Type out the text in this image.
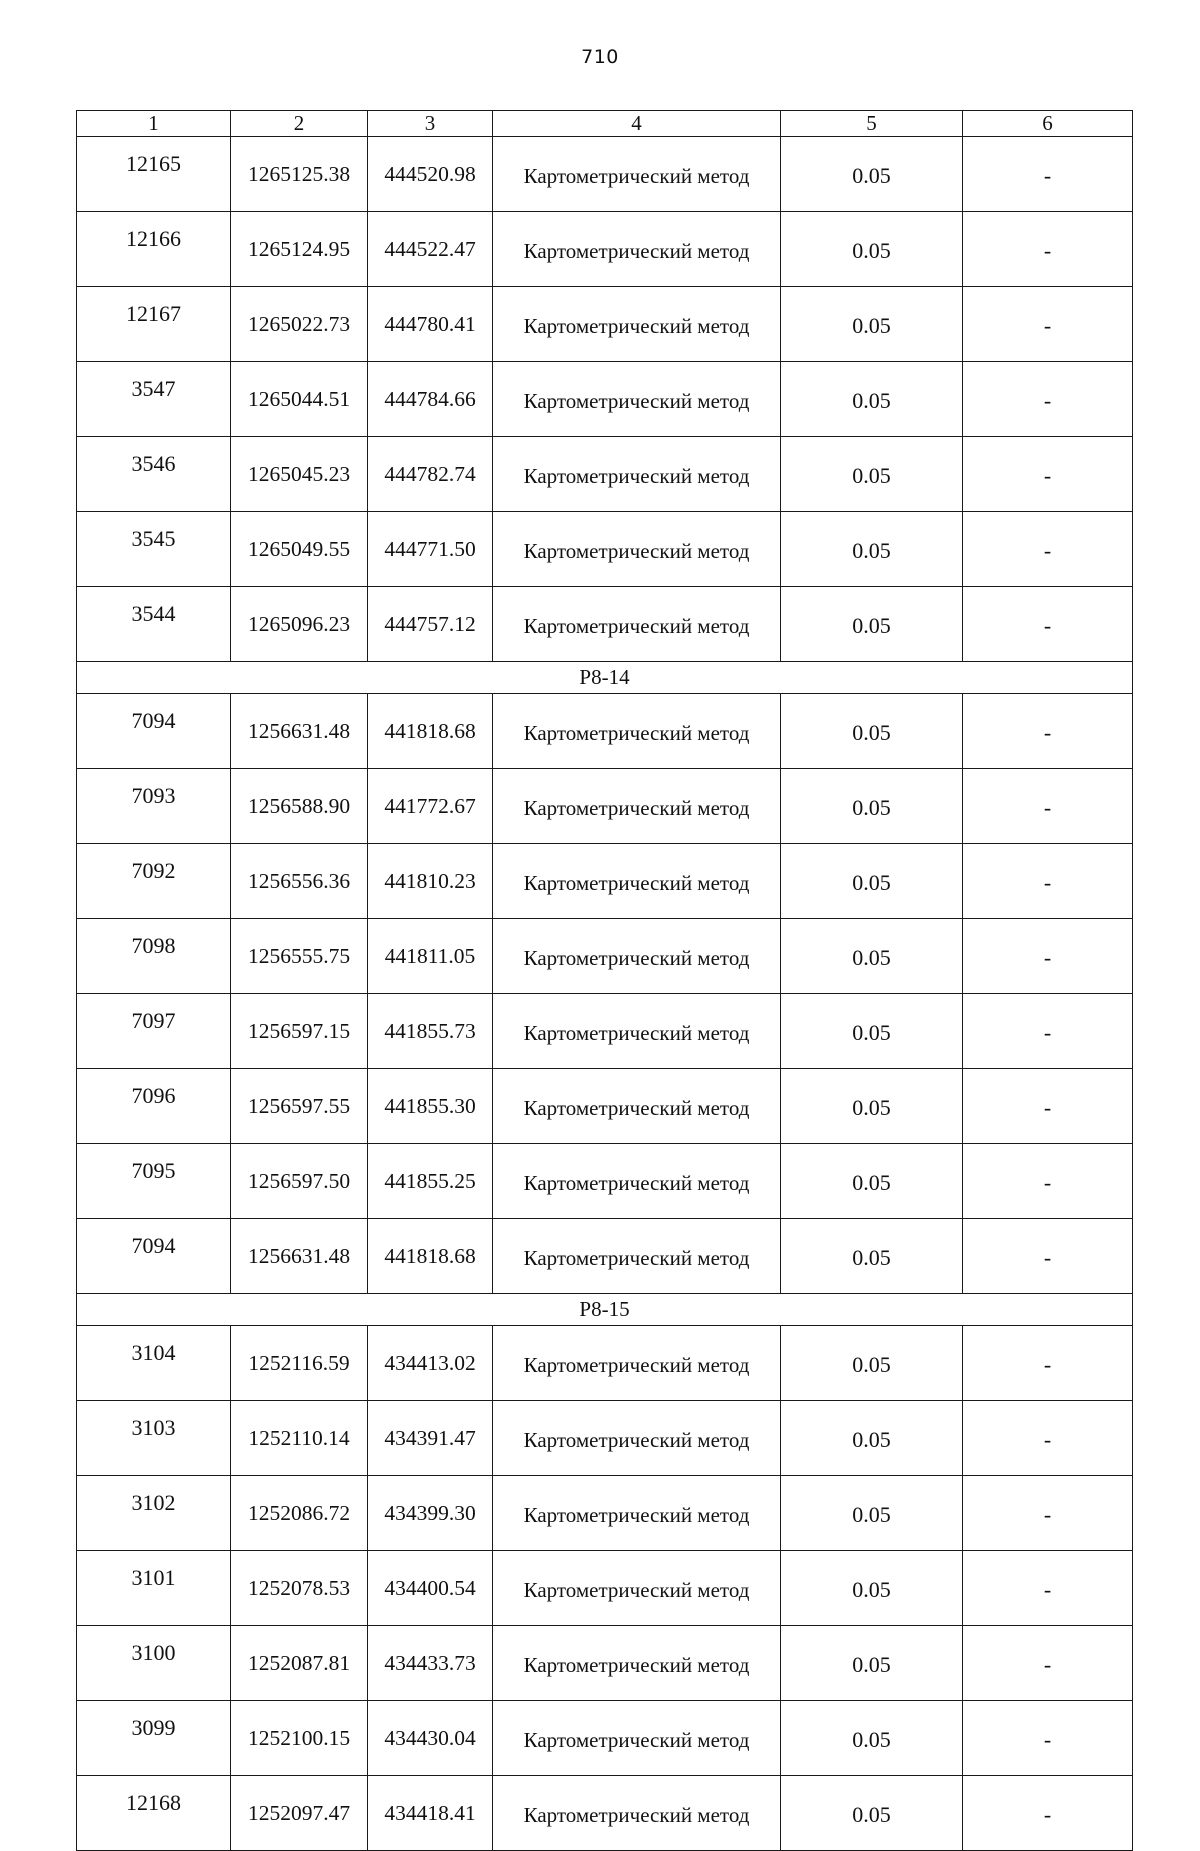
710
1	2	3	4	5	6
12165	1265125.38	444520.98	Картометрический метод	0.05	-
12166	1265124.95	444522.47	Картометрический метод	0.05	-
12167	1265022.73	444780.41	Картометрический метод	0.05	-
3547	1265044.51	444784.66	Картометрический метод	0.05	-
3546	1265045.23	444782.74	Картометрический метод	0.05	-
3545	1265049.55	444771.50	Картометрический метод	0.05	-
3544	1265096.23	444757.12	Картометрический метод	0.05	-
Р8-14					
7094	1256631.48	441818.68	Картометрический метод	0.05	-
7093	1256588.90	441772.67	Картометрический метод	0.05	-
7092	1256556.36	441810.23	Картометрический метод	0.05	-
7098	1256555.75	441811.05	Картометрический метод	0.05	-
7097	1256597.15	441855.73	Картометрический метод	0.05	-
7096	1256597.55	441855.30	Картометрический метод	0.05	-
7095	1256597.50	441855.25	Картометрический метод	0.05	-
7094	1256631.48	441818.68	Картометрический метод	0.05	-
Р8-15					
3104	1252116.59	434413.02	Картометрический метод	0.05	-
3103	1252110.14	434391.47	Картометрический метод	0.05	-
3102	1252086.72	434399.30	Картометрический метод	0.05	-
3101	1252078.53	434400.54	Картометрический метод	0.05	-
3100	1252087.81	434433.73	Картометрический метод	0.05	-
3099	1252100.15	434430.04	Картометрический метод	0.05	-
12168	1252097.47	434418.41	Картометрический метод	0.05	-
